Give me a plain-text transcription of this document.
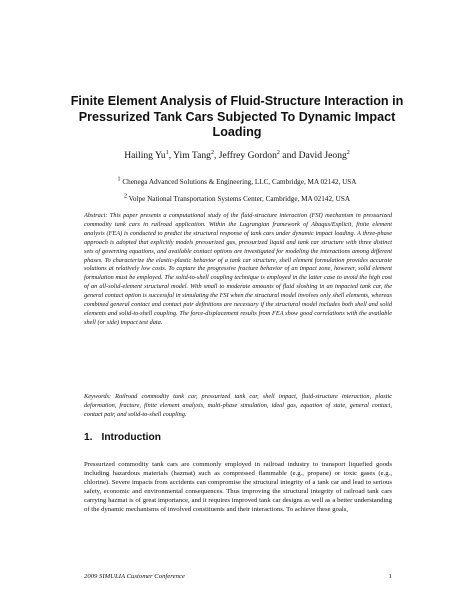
Finite Element Analysis of Fluid-Structure Interaction in Pressurized Tank Cars Subjected To Dynamic Impact Loading

Hailing Yu$^1$, Yim Tang$^2$, Jeffrey Gordon$^2$ and David Jeong$^2$

$^1$ Chenega Advanced Solutions & Engineering, LLC, Cambridge, MA 02142, USA

$^2$ Volpe National Transportation Systems Center, Cambridge, MA 02142, USA

Abstract: This paper presents a computational study of the fluid-structure interaction (FSI) mechanism in pressurized commodity tank cars in railroad application. Within the Lagrangian framework of Abaqus/Explicit, finite element analysis (FEA) is conducted to predict the structural response of tank cars under dynamic impact loading. A three-phase approach is adopted that explicitly models pressurized gas, pressurized liquid and tank car structure with three distinct sets of governing equations, and available contact options are investigated for modeling the interactions among different phases. To characterize the elastic-plastic behavior of a tank car structure, shell element formulation provides accurate solutions at relatively low costs. To capture the progressive fracture behavior of an impact zone, however, solid element formulation must be employed. The solid-to-shell coupling technique is employed in the latter case to avoid the high cost of an all-solid-element structural model. With small to moderate amounts of fluid sloshing in an impacted tank car, the general contact option is successful in simulating the FSI when the structural model involves only shell elements, whereas combined general contact and contact pair definitions are necessary if the structural model includes both shell and solid elements and solid-to-shell coupling. The force-displacement results from FEA show good correlations with the available shell (or side) impact test data.

Keywords: Railroad commodity tank car, pressurized tank car, shell impact, fluid-structure interaction, plastic deformation, fracture, finite element analysis, multi-phase simulation, ideal gas, equation of state, general contact, contact pair, and solid-to-shell coupling.

1. Introduction

Pressurized commodity tank cars are commonly employed in railroad industry to transport liquefied goods including hazardous materials (hazmat) such as compressed flammable (e.g., propane) or toxic gases (e.g., chlorine). Severe impacts from accidents can compromise the structural integrity of a tank car and lead to serious safety, economic and environmental consequences. Thus improving the structural integrity of railroad tank cars carrying hazmat is of great importance, and it requires improved tank car designs as well as a better understanding of the dynamic mechanisms of involved constituents and their interactions. To achieve these goals,

2009 SIMULIA Customer Conference	1
